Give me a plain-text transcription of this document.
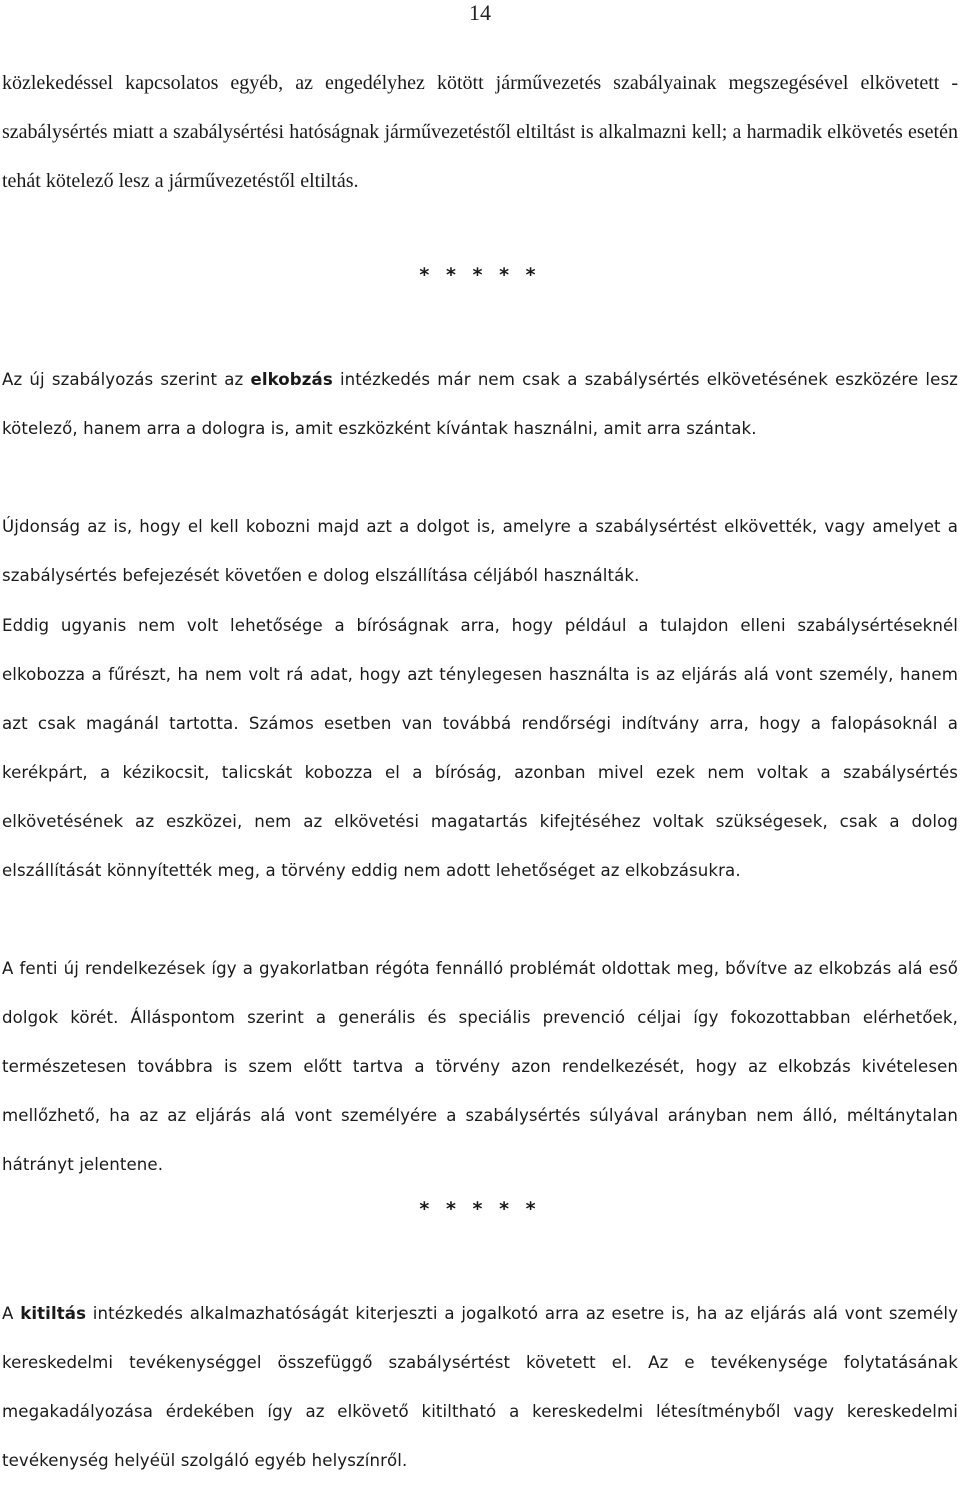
14

közlekedéssel kapcsolatos egyéb, az engedélyhez kötött járművezetés szabályainak megszegésével elkövetett - szabálysértés miatt a szabálysértési hatóságnak járművezetéstől eltiltást is alkalmazni kell; a harmadik elkövetés esetén tehát kötelező lesz a járművezetéstől eltiltás.

* * * * *

Az új szabályozás szerint az elkobzás intézkedés már nem csak a szabálysértés elkövetésének eszközére lesz kötelező, hanem arra a dologra is, amit eszközként kívántak használni, amit arra szántak.

Újdonság az is, hogy el kell kobozni majd azt a dolgot is, amelyre a szabálysértést elkövették, vagy amelyet a szabálysértés befejezését követően e dolog elszállítása céljából használták.

Eddig ugyanis nem volt lehetősége a bíróságnak arra, hogy például a tulajdon elleni szabálysértéseknél elkobozza a fűrészt, ha nem volt rá adat, hogy azt ténylegesen használta is az eljárás alá vont személy, hanem azt csak magánál tartotta. Számos esetben van továbbá rendőrségi indítvány arra, hogy a falopásoknál a kerékpárt, a kézikocsit, talicskát kobozza el a bíróság, azonban mivel ezek nem voltak a szabálysértés elkövetésének az eszközei, nem az elkövetési magatartás kifejtéséhez voltak szükségesek, csak a dolog elszállítását könnyítették meg, a törvény eddig nem adott lehetőséget az elkobzásukra.

A fenti új rendelkezések így a gyakorlatban régóta fennálló problémát oldottak meg, bővítve az elkobzás alá eső dolgok körét. Álláspontom szerint a generális és speciális prevenció céljai így fokozottabban elérhetőek, természetesen továbbra is szem előtt tartva a törvény azon rendelkezését, hogy az elkobzás kivételesen mellőzhető, ha az az eljárás alá vont személyére a szabálysértés súlyával arányban nem álló, méltánytalan hátrányt jelentene.

* * * * *

A kitiltás intézkedés alkalmazhatóságát kiterjeszti a jogalkotó arra az esetre is, ha az eljárás alá vont személy kereskedelmi tevékenységgel összefüggő szabálysértést követett el. Az e tevékenysége folytatásának megakadályozása érdekében így az elkövető kitiltható a kereskedelmi létesítményből vagy kereskedelmi tevékenység helyéül szolgáló egyéb helyszínről.
